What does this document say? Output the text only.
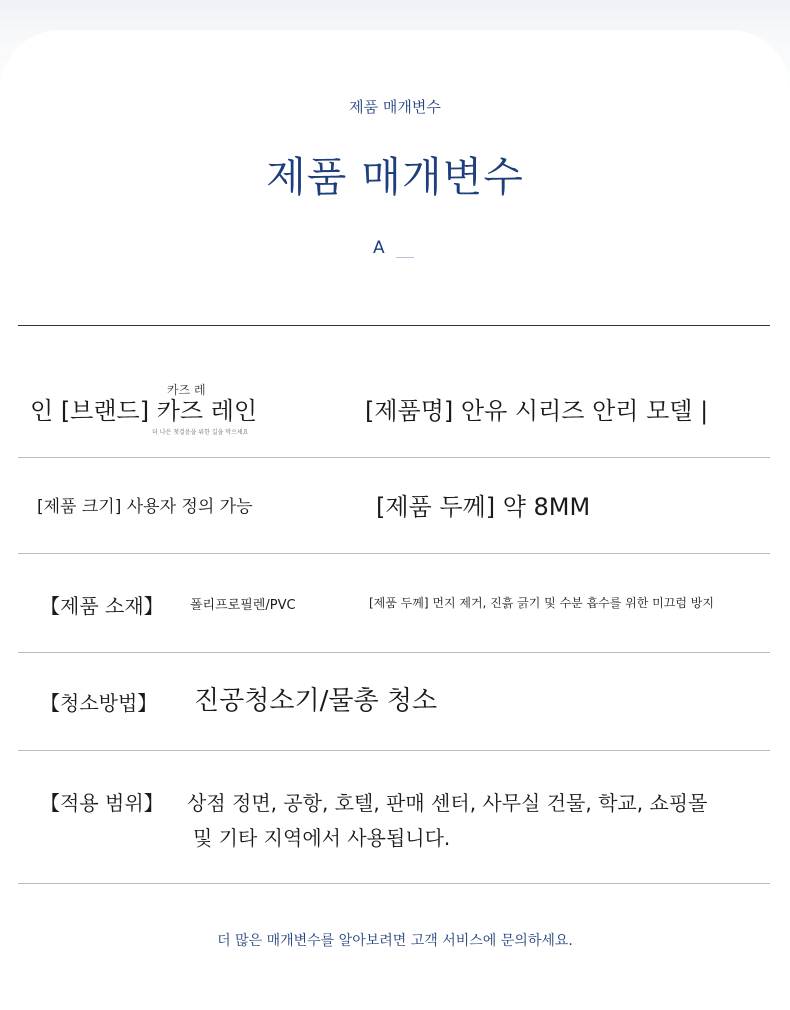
제품 매개변수
제품 매개변수
A
카즈 레
인 [브랜드] 카즈 레인
더 나은 첫걸음을 위한 길을 막으세요
[제품명] 안유 시리즈 안리 모델 |
[제품 크기] 사용자 정의 가능	[제품 두께] 약 8MM
【제품 소재】 폴리프로필렌/PVC	[제품 두께] 먼지 제거, 진흙 긁기 및 수분 흡수를 위한 미끄럼 방지
【청소방법】 진공청소기/물총 청소
【적용 범위】 상점 정면, 공항, 호텔, 판매 센터, 사무실 건물, 학교, 쇼핑몰
및 기타 지역에서 사용됩니다.
더 많은 매개변수를 알아보려면 고객 서비스에 문의하세요.
